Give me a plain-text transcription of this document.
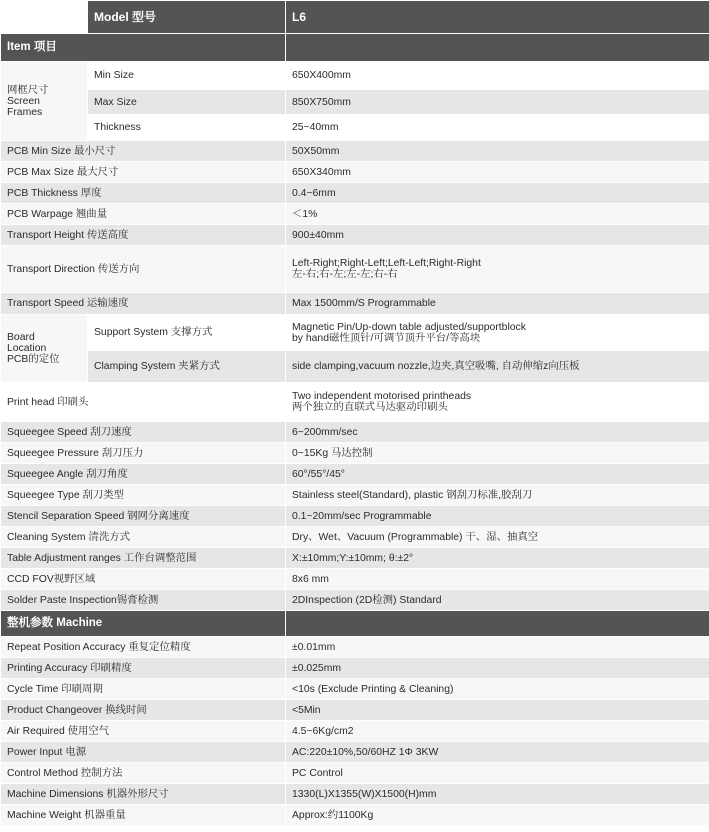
	Model 型号	L6
Item 项目		

网框尺寸
Screen
Frames	Min Size	650X400mm
	Max Size	850X750mm
	Thickness	25~40mm
PCB Min Size 最小尺寸		50X50mm
PCB Max Size 最大尺寸		650X340mm
PCB Thickness 厚度		0.4~6mm
PCB Warpage 翘曲量		＜1%
Transport Height 传送高度		900±40mm
Transport Direction 传送方向		Left-Right;Right-Left;Left-Left;Right-Right
左-右;右-左;左-左;右-右

Transport Speed 运输速度		Max 1500mm/S Programmable

Board
Location
PCB的定位	Support System 支撑方式	Magnetic Pin/Up-down table adjusted/supportblock
by hand磁性顶针/可调节顶升平台/等高块

	Clamping System 夹紧方式	side clamping,vacuum nozzle,边夹,真空吸嘴, 自动伸缩z向压板
Print head 印刷头		Two independent motorised printheads
两个独立的直联式马达驱动印刷头

Squeegee Speed 刮刀速度		6~200mm/sec
Squeegee Pressure 刮刀压力		0~15Kg 马达控制
Squeegee Angle 刮刀角度		60°/55°/45°
Squeegee Type 刮刀类型		Stainless steel(Standard), plastic 钢刮刀标准,胶刮刀
Stencil Separation Speed 钢网分离速度		0.1~20mm/sec Programmable
Cleaning System 清洗方式		Dry、Wet、Vacuum (Programmable) 干、湿、抽真空
Table Adjustment ranges 工作台调整范围		X:±10mm;Y:±10mm; θ:±2°
CCD FOV视野区域		8x6 mm
Solder Paste Inspection锡膏检测		2DInspection (2D检测) Standard
整机参数 Machine		
Repeat Position Accuracy 重复定位精度		±0.01mm
Printing Accuracy 印刷精度		±0.025mm
Cycle Time 印刷周期		<10s (Exclude Printing & Cleaning)
Product Changeover 换线时间		<5Min
Air Required 使用空气		4.5~6Kg/cm2
Power Input 电源		AC:220±10%,50/60HZ 1Φ 3KW
Control Method 控制方法		PC Control
Machine Dimensions 机器外形尺寸		1330(L)X1355(W)X1500(H)mm
Machine Weight 机器重量		Approx:约1100Kg
